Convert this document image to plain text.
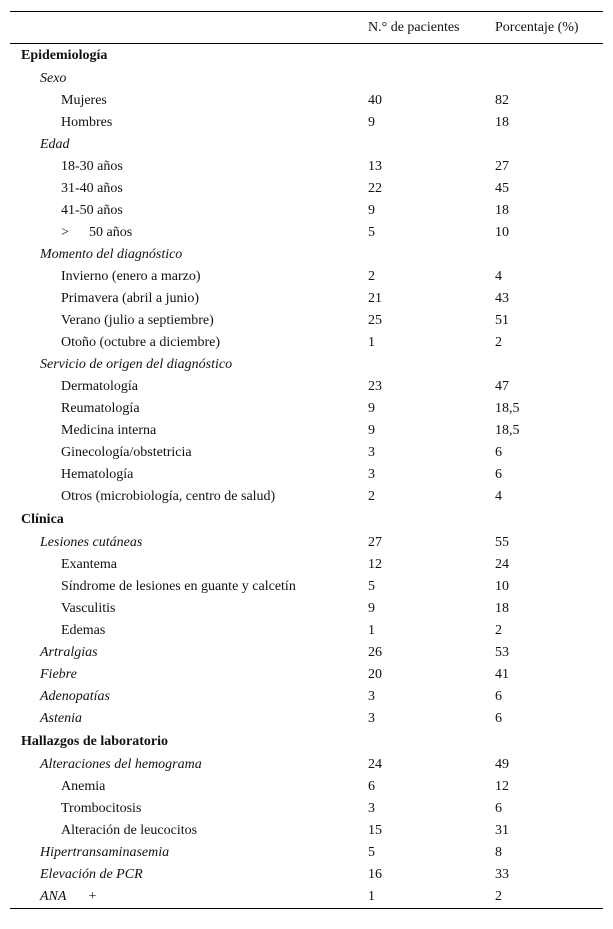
N.° de pacientes	Porcentaje (%)
Epidemiología
Sexo
Mujeres	40	82
Hombres	9	18
Edad
18-30 años	13	27
31-40 años	22	45
41-50 años	9	18
> 50 años	5	10
Momento del diagnóstico
Invierno (enero a marzo)	2	4
Primavera (abril a junio)	21	43
Verano (julio a septiembre)	25	51
Otoño (octubre a diciembre)	1	2
Servicio de origen del diagnóstico
Dermatología	23	47
Reumatología	9	18,5
Medicina interna	9	18,5
Ginecología/obstetricia	3	6
Hematología	3	6
Otros (microbiología, centro de salud)	2	4
Clínica
Lesiones cutáneas	27	55
Exantema	12	24
Síndrome de lesiones en guante y calcetín	5	10
Vasculitis	9	18
Edemas	1	2
Artralgias	26	53
Fiebre	20	41
Adenopatías	3	6
Astenia	3	6
Hallazgos de laboratorio
Alteraciones del hemograma	24	49
Anemia	6	12
Trombocitosis	3	6
Alteración de leucocitos	15	31
Hipertransaminasemia	5	8
Elevación de PCR	16	33
ANA +	1	2
